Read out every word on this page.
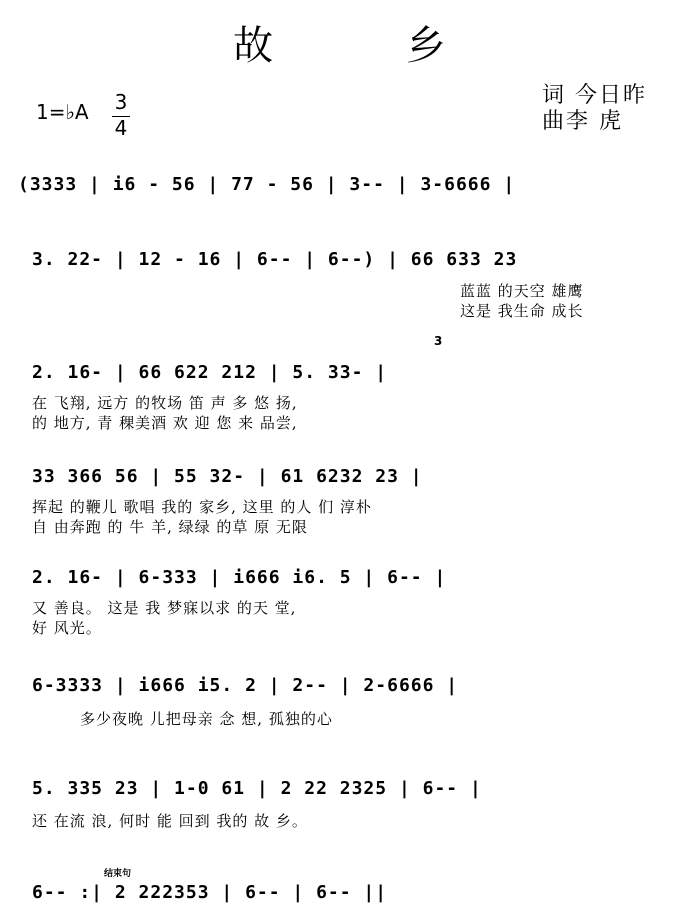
故 乡
词 今日昨
曲李 虎
1=♭A 3
4
(3333 | i6 - 56 | 77 - 56 | 3-- | 3-6666 |
3. 22- | 12 - 16 | 6-- | 6--) | 66 633 23
蓝蓝 的天空 雄鹰
这是 我生命 成长
2. 16- | 66 622 212 | 5. 33- |
在 飞翔, 远方 的牧场 笛 声 多 悠 扬,
的 地方, 青 稞美酒 欢 迎 您 来 品尝,
3
33 366 56 | 55 32- | 61 6232 23 |
挥起 的鞭儿 歌唱 我的 家乡, 这里 的人 们 淳朴
自 由奔跑 的 牛 羊, 绿绿 的草 原 无限
2. 16- | 6-333 | i666 i6. 5 | 6-- |
又 善良。 这是 我 梦寐以求 的天 堂,
好 风光。
6-3333 | i666 i5. 2 | 2-- | 2-6666 |
多少夜晚 儿把母亲 念 想, 孤独的心
5. 335 23 | 1-0 61 | 2 22 2325 | 6-- |
还 在流 浪, 何时 能 回到 我的 故 乡。
结束句
6-- :| 2 222353 | 6-- | 6-- ||
